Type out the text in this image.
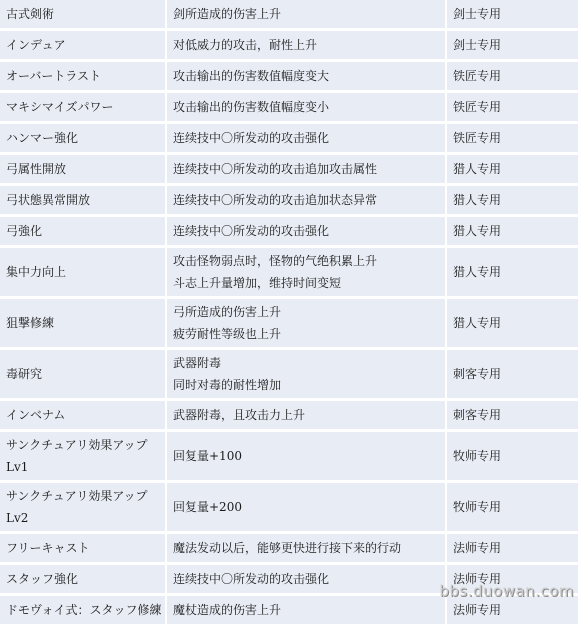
古式剣術	剑所造成的伤害上升	剑士专用

インデュア	对低威力的攻击，耐性上升	剑士专用

オーバートラスト	攻击输出的伤害数值幅度变大	铁匠专用

マキシマイズパワー	攻击输出的伤害数值幅度变小	铁匠专用

ハンマー強化	连续技中〇所发动的攻击强化	铁匠专用

弓属性開放	连续技中〇所发动的攻击追加攻击属性	猎人专用

弓状態異常開放	连续技中〇所发动的攻击追加状态异常	猎人专用

弓強化	连续技中〇所发动的攻击强化	猎人专用

集中力向上	攻击怪物弱点时，怪物的气绝积累上升
斗志上升量增加，维持时间变短	猎人专用

狙撃修練	弓所造成的伤害上升
疲劳耐性等级也上升	猎人专用

毒研究	武器附毒
同时对毒的耐性增加	刺客专用

インベナム	武器附毒，且攻击力上升	刺客专用

サンクチュアリ効果アップ
Lv1	回复量+100	牧师专用

サンクチュアリ効果アップ
Lv2	回复量+200	牧师专用

フリーキャスト	魔法发动以后，能够更快进行接下来的行动	法师专用

スタッフ強化	连续技中〇所发动的攻击强化	法师专用

ドモヴォイ式：スタッフ修練	魔杖造成的伤害上升	法师专用
bbs.duowan.com
